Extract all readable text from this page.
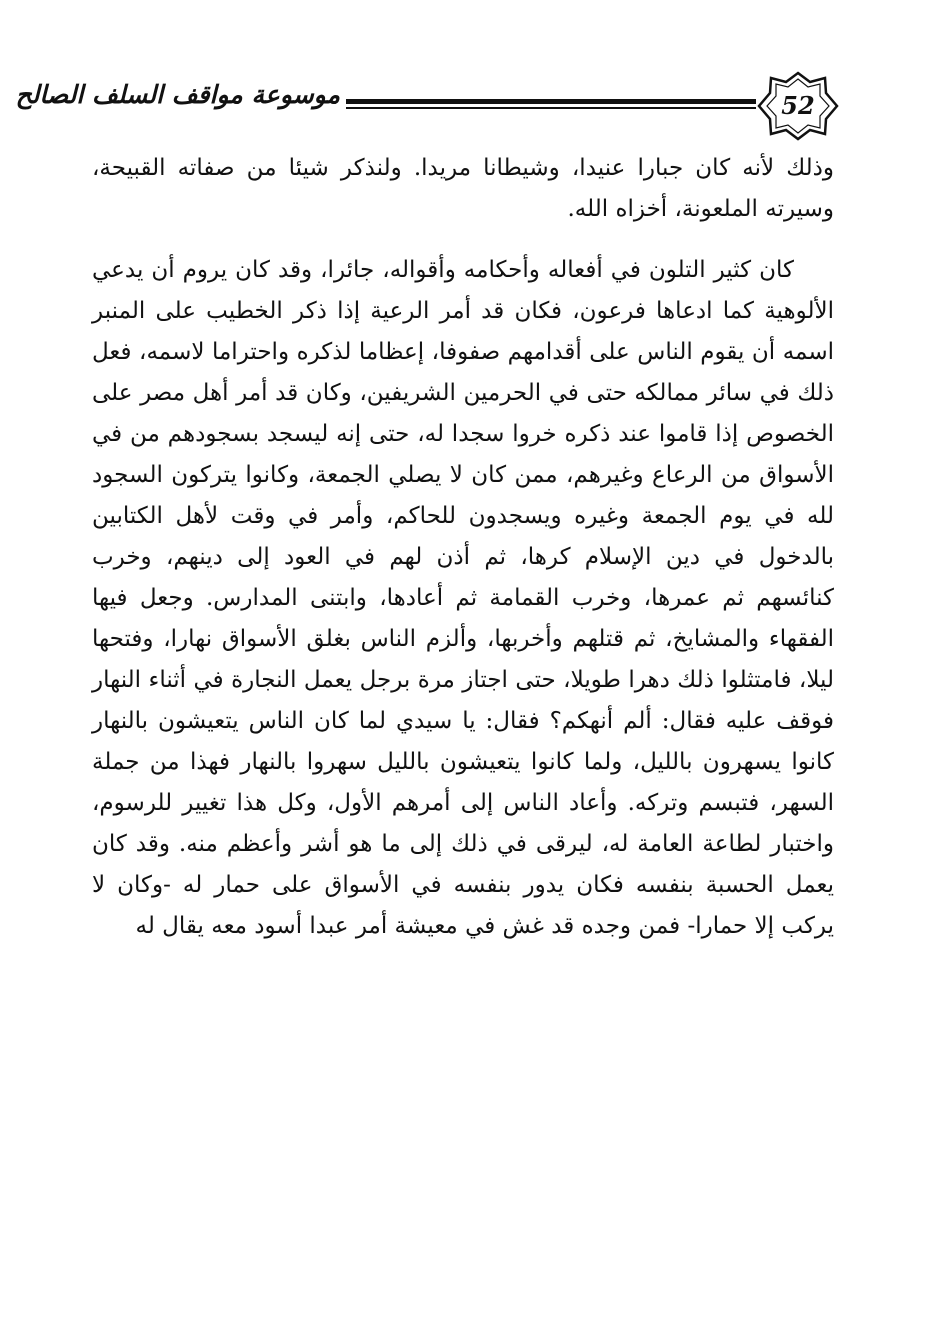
موسوعة مواقف السلف الصالح	52

وذلك لأنه كان جبارا عنيدا، وشيطانا مريدا. ولنذكر شيئا من صفاته القبيحة، وسيرته الملعونة، أخزاه الله.

كان كثير التلون في أفعاله وأحكامه وأقواله، جائرا، وقد كان يروم أن يدعي الألوهية كما ادعاها فرعون، فكان قد أمر الرعية إذا ذكر الخطيب على المنبر اسمه أن يقوم الناس على أقدامهم صفوفا، إعظاما لذكره واحتراما لاسمه، فعل ذلك في سائر ممالكه حتى في الحرمين الشريفين، وكان قد أمر أهل مصر على الخصوص إذا قاموا عند ذكره خروا سجدا له، حتى إنه ليسجد بسجودهم من في الأسواق من الرعاع وغيرهم، ممن كان لا يصلي الجمعة، وكانوا يتركون السجود لله في يوم الجمعة وغيره ويسجدون للحاكم، وأمر في وقت لأهل الكتابين بالدخول في دين الإسلام كرها، ثم أذن لهم في العود إلى دينهم، وخرب كنائسهم ثم عمرها، وخرب القمامة ثم أعادها، وابتنى المدارس. وجعل فيها الفقهاء والمشايخ، ثم قتلهم وأخربها، وألزم الناس بغلق الأسواق نهارا، وفتحها ليلا، فامتثلوا ذلك دهرا طويلا، حتى اجتاز مرة برجل يعمل النجارة في أثناء النهار فوقف عليه فقال: ألم أنهكم؟ فقال: يا سيدي لما كان الناس يتعيشون بالنهار كانوا يسهرون بالليل، ولما كانوا يتعيشون بالليل سهروا بالنهار فهذا من جملة السهر، فتبسم وتركه. وأعاد الناس إلى أمرهم الأول، وكل هذا تغيير للرسوم، واختبار لطاعة العامة له، ليرقى في ذلك إلى ما هو أشر وأعظم منه. وقد كان يعمل الحسبة بنفسه فكان يدور بنفسه في الأسواق على حمار له -وكان لا يركب إلا حمارا- فمن وجده قد غش في معيشة أمر عبدا أسود معه يقال له
